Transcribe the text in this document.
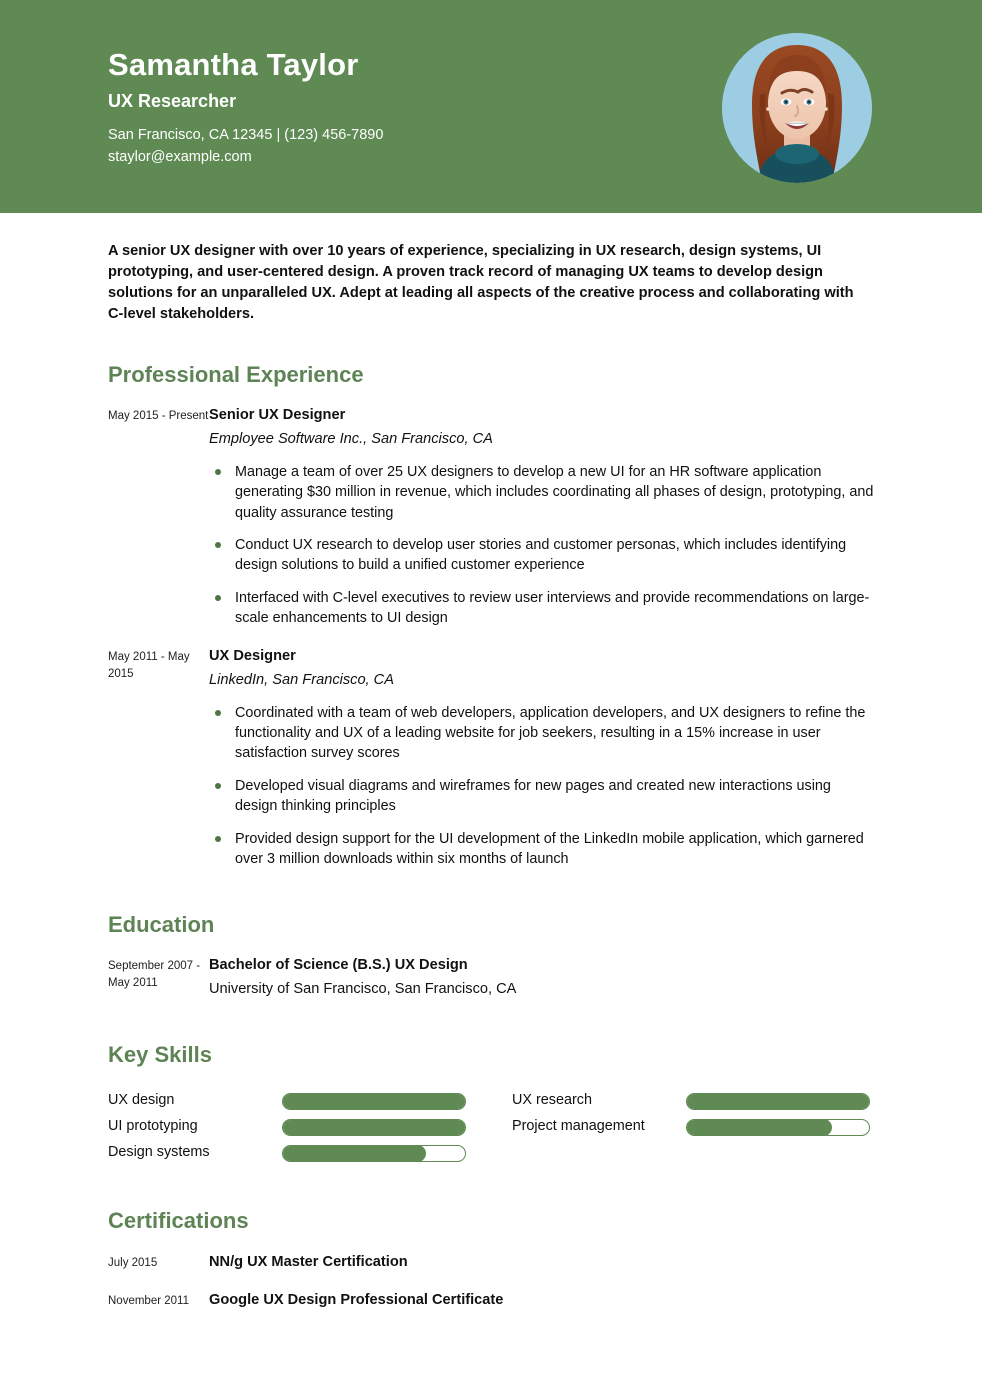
Samantha Taylor
UX Researcher
San Francisco, CA 12345 | (123) 456-7890
staylor@example.com
A senior UX designer with over 10 years of experience, specializing in UX research, design systems, UI prototyping, and user-centered design. A proven track record of managing UX teams to develop design solutions for an unparalleled UX. Adept at leading all aspects of the creative process and collaborating with C-level stakeholders.
Professional Experience
May 2015 - Present Senior UX Designer
Employee Software Inc., San Francisco, CA
Manage a team of over 25 UX designers to develop a new UI for an HR software application generating $30 million in revenue, which includes coordinating all phases of design, prototyping, and quality assurance testing
Conduct UX research to develop user stories and customer personas, which includes identifying design solutions to build a unified customer experience
Interfaced with C-level executives to review user interviews and provide recommendations on large-scale enhancements to UI design
May 2011 - May 2015
UX Designer
LinkedIn, San Francisco, CA
Coordinated with a team of web developers, application developers, and UX designers to refine the functionality and UX of a leading website for job seekers, resulting in a 15% increase in user satisfaction survey scores
Developed visual diagrams and wireframes for new pages and created new interactions using design thinking principles
Provided design support for the UI development of the LinkedIn mobile application, which garnered over 3 million downloads within six months of launch
Education
September 2007 - May 2011
Bachelor of Science (B.S.) UX Design
University of San Francisco, San Francisco, CA
Key Skills
UX design	UX research
UI prototyping	Project management
Design systems
Certifications
July 2015	NN/g UX Master Certification
November 2011	Google UX Design Professional Certificate
